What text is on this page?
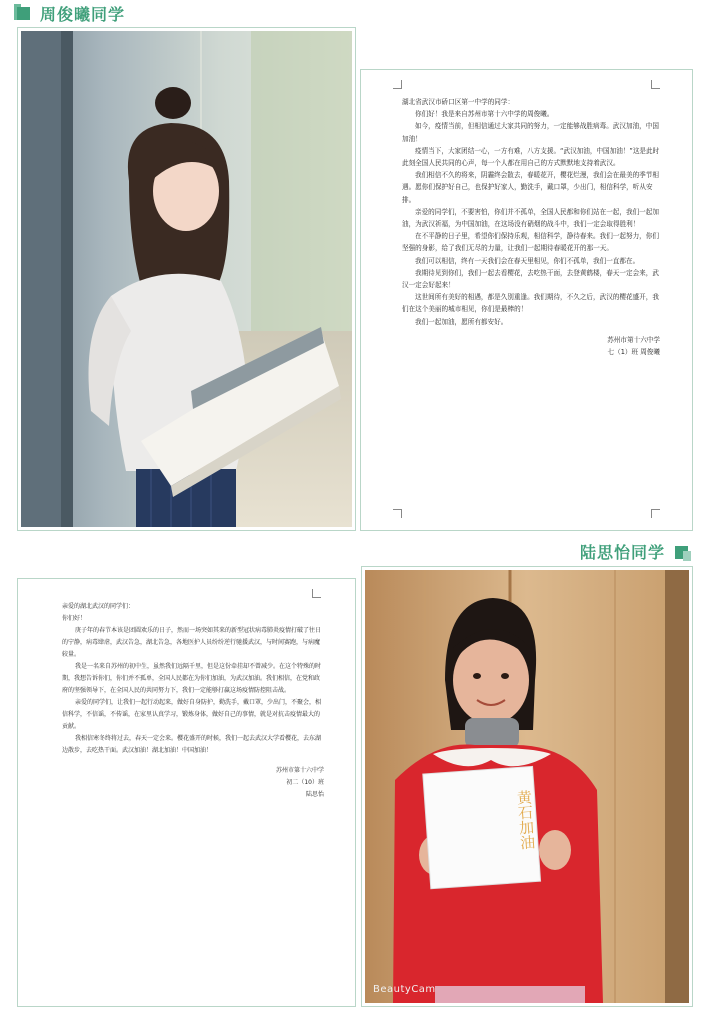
周俊曦同学

湖北省武汉市硚口区第一中学的同学：

你们好！我是来自苏州市第十六中学的周俊曦。

如今，疫情当前，但相信通过大家共同的努力，一定能够战胜病毒。武汉加油，中国加油！

疫情当下，大家团结一心，一方有难，八方支援。“武汉加油，中国加油！”这是此时此刻全国人民共同的心声，每一个人都在用自己的方式默默地支持着武汉。

我们相信不久的将来，阴霾终会散去，春暖花开，樱花烂漫，我们会在最美的季节相遇。愿你们保护好自己，也保护好家人，勤洗手，戴口罩，少出门，相信科学，听从安排。

亲爱的同学们，不要害怕，你们并不孤单，全国人民都和你们站在一起，我们一起加油，为武汉祈福，为中国加油，在这场没有硝烟的战斗中，我们一定会取得胜利！

在不平静的日子里，希望你们保持乐观，相信科学，静待春来。我们一起努力，你们坚强的身影，给了我们无尽的力量，让我们一起期待春暖花开的那一天。

我们可以相信，终有一天我们会在春天里相见，你们不孤单，我们一直都在。

我期待见到你们，我们一起去看樱花，去吃热干面，去登黄鹤楼，春天一定会来，武汉一定会好起来！

这世间所有美好的相遇，都是久别重逢。我们期待，不久之后，武汉的樱花盛开，我们在这个美丽的城市相见，你们是最棒的！

我们一起加油，愿所有都安好。

苏州市第十六中学

七（1）班 周俊曦

陆思怡同学

亲爱的湖北武汉的同学们：

你们好！

庚子年的春节本该是团圆欢乐的日子，然而一场突如其来的新型冠状病毒肺炎疫情打破了往日的宁静，病毒肆虐，武汉告急，湖北告急，各地医护人员纷纷逆行驰援武汉，与时间赛跑，与病魔较量。

我是一名来自苏州的初中生，虽然我们远隔千里，但是这份牵挂却不曾减少。在这个特殊的时期，我想告诉你们，你们并不孤单，全国人民都在为你们加油，为武汉加油。我们相信，在党和政府的坚强领导下，在全国人民的共同努力下，我们一定能够打赢这场疫情防控阻击战。

亲爱的同学们，让我们一起行动起来，做好自身防护，勤洗手，戴口罩，少出门，不聚会，相信科学，不信谣，不传谣，在家里认真学习，锻炼身体，做好自己的事情，就是对抗击疫情最大的贡献。

我相信寒冬终将过去，春天一定会来。樱花盛开的时候，我们一起去武汉大学看樱花，去东湖边散步，去吃热干面。武汉加油！湖北加油！中国加油！

苏州市第十六中学

初二（10）班

陆思怡	黄石加油
BeautyCam
